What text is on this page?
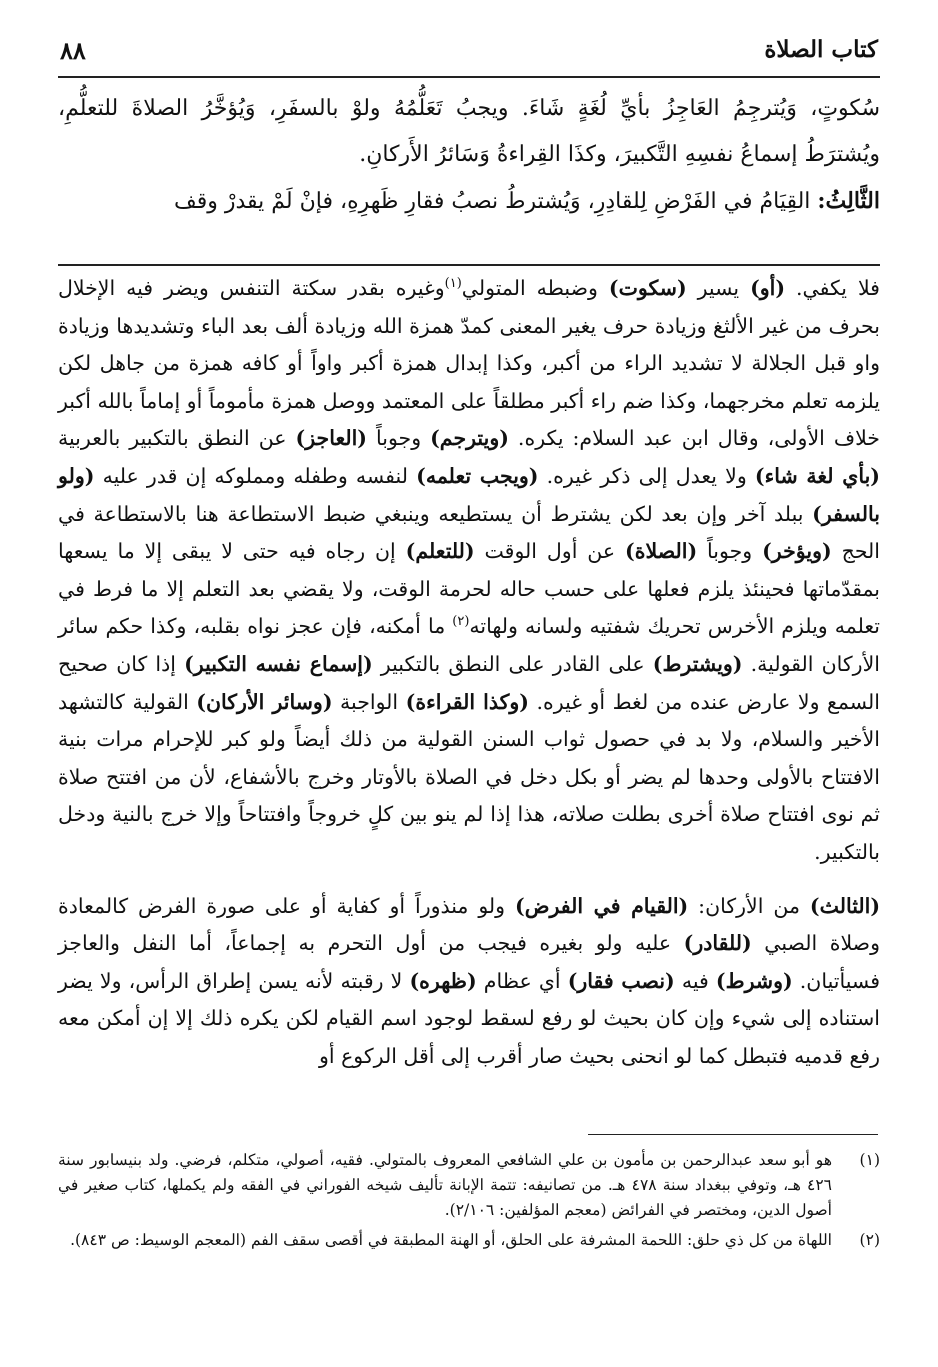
٨٨	كتاب الصلاة

سُكوتٍ، وَيُترجِمُ العَاجِزُ بأيِّ لُغَةٍ شَاءَ. ويجبُ تَعَلُّمُهُ ولوْ بالسفَرِ، وَيُؤخَّرُ الصلاةَ للتعلُّمِ، ويُشترَطُ إسماعُ نفسِهِ التَّكبيرَ، وكذَا القِراءةُ وَسَائرُ الأَركانِ.

الثَّالِثُ: القِيَامُ في الفَرْضِ لِلقادِرِ، وَيُشترطُ نصبُ فقارِ ظَهرِهِ، فإنْ لَمْ يقدرْ وقف

فلا يكفي. (أو) يسير (سكوت) وضبطه المتولي$^{(١)}$وغيره بقدر سكتة التنفس ويضر فيه الإخلال بحرف من غير الألثغ وزيادة حرف يغير المعنى كمدّ همزة الله وزيادة ألف بعد الباء وتشديدها وزيادة واو قبل الجلالة لا تشديد الراء من أكبر، وكذا إبدال همزة أكبر واواً أو كافه همزة من جاهل لكن يلزمه تعلم مخرجهما، وكذا ضم راء أكبر مطلقاً على المعتمد ووصل همزة مأموماً أو إماماً بالله أكبر خلاف الأولى، وقال ابن عبد السلام: يكره. (ويترجم) وجوباً (العاجز) عن النطق بالتكبير بالعربية (بأي لغة شاء) ولا يعدل إلى ذكر غيره. (ويجب تعلمه) لنفسه وطفله ومملوكه إن قدر عليه (ولو بالسفر) ببلد آخر وإن بعد لكن يشترط أن يستطيعه وينبغي ضبط الاستطاعة هنا بالاستطاعة في الحج (ويؤخر) وجوباً (الصلاة) عن أول الوقت (للتعلم) إن رجاه فيه حتى لا يبقى إلا ما يسعها بمقدّماتها فحينئذ يلزم فعلها على حسب حاله لحرمة الوقت، ولا يقضي بعد التعلم إلا ما فرط في تعلمه ويلزم الأخرس تحريك شفتيه ولسانه ولهاته$^{(٢)}$ ما أمكنه، فإن عجز نواه بقلبه، وكذا حكم سائر الأركان القولية. (ويشترط) على القادر على النطق بالتكبير (إسماع نفسه التكبير) إذا كان صحيح السمع ولا عارض عنده من لغط أو غيره. (وكذا القراءة) الواجبة (وسائر الأركان) القولية كالتشهد الأخير والسلام، ولا بد في حصول ثواب السنن القولية من ذلك أيضاً ولو كبر للإحرام مرات بنية الافتتاح بالأولى وحدها لم يضر أو بكل دخل في الصلاة بالأوتار وخرج بالأشفاع، لأن من افتتح صلاة ثم نوى افتتاح صلاة أخرى بطلت صلاته، هذا إذا لم ينو بين كلٍ خروجاً وافتتاحاً وإلا خرج بالنية ودخل بالتكبير.

(الثالث) من الأركان: (القيام في الفرض) ولو منذوراً أو كفاية أو على صورة الفرض كالمعادة وصلاة الصبي (للقادر) عليه ولو بغيره فيجب من أول التحرم به إجماعاً، أما النفل والعاجز فسيأتيان. (وشرط) فيه (نصب فقار) أي عظام (ظهره) لا رقبته لأنه يسن إطراق الرأس، ولا يضر استناده إلى شيء وإن كان بحيث لو رفع لسقط لوجود اسم القيام لكن يكره ذلك إلا إن أمكن معه رفع قدميه فتبطل كما لو انحنى بحيث صار أقرب إلى أقل الركوع أو

(١)
هو أبو سعد عبدالرحمن بن مأمون بن علي الشافعي المعروف بالمتولي. فقيه، أصولي، متكلم، فرضي. ولد بنيسابور سنة ٤٢٦ هـ، وتوفي ببغداد سنة ٤٧٨ هـ. من تصانيفه: تتمة الإبانة تأليف شيخه الفوراني في الفقه ولم يكملها، كتاب صغير في أصول الدين، ومختصر في الفرائض (معجم المؤلفين: ٢/١٠٦).
(٢)
اللهاة من كل ذي حلق: اللحمة المشرفة على الحلق، أو الهنة المطبقة في أقصى سقف الفم (المعجم الوسيط: ص ٨٤٣).
